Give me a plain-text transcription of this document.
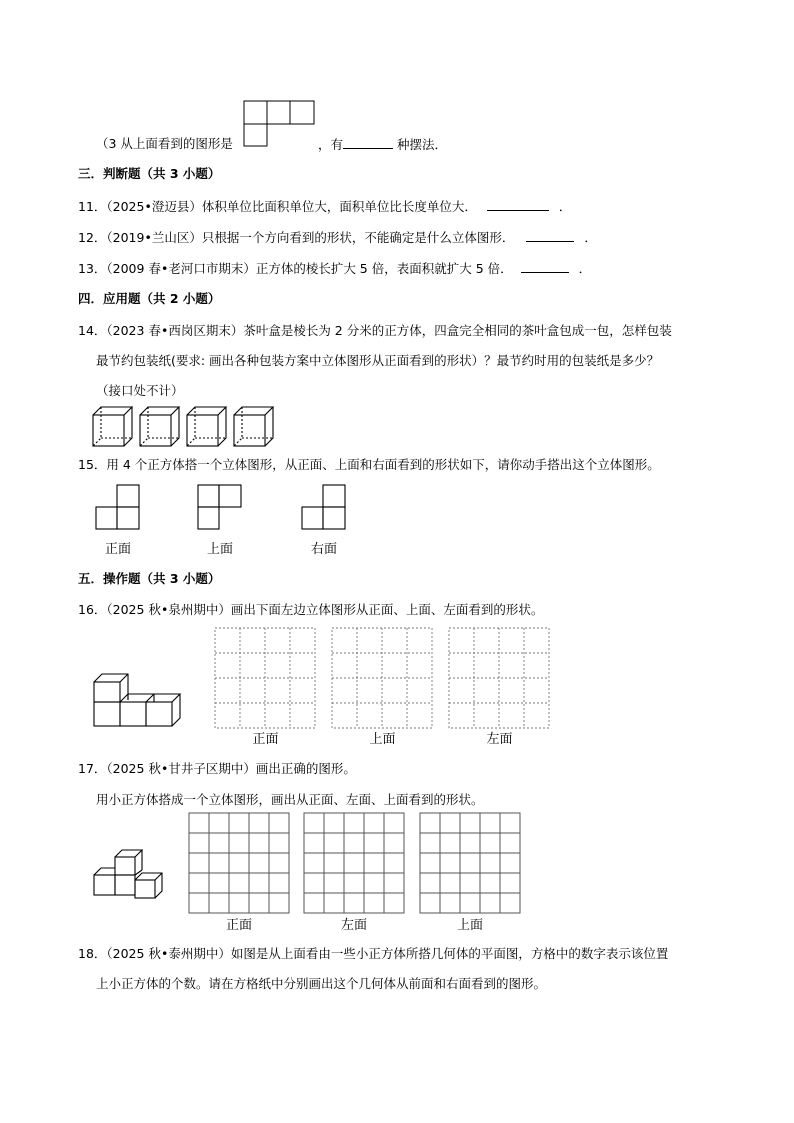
（3 从上面看到的图形是	，有	种摆法．
三．判断题（共 3 小题）
11．（2025•澄迈县）体积单位比面积单位大，面积单位比长度单位大．	．
12．（2019•兰山区）只根据一个方向看到的形状，不能确定是什么立体图形．	．
13．（2009 春•老河口市期末）正方体的棱长扩大 5 倍，表面积就扩大 5 倍．	．
四．应用题（共 2 小题）
14．（2023 春•西岗区期末）茶叶盒是棱长为 2 分米的正方体，四盒完全相同的茶叶盒包成一包，怎样包装
最节约包装纸(要求: 画出各种包装方案中立体图形从正面看到的形状）？最节约时用的包装纸是多少？
（接口处不计）
15．用 4 个正方体搭一个立体图形，从正面、上面和右面看到的形状如下，请你动手搭出这个立体图形。
正面	上面	右面
五．操作题（共 3 小题）
16．（2025 秋•泉州期中）画出下面左边立体图形从正面、上面、左面看到的形状。
正面	上面	左面
17．（2025 秋•甘井子区期中）画出正确的图形。
用小正方体搭成一个立体图形，画出从正面、左面、上面看到的形状。
正面	左面	上面
18．（2025 秋•泰州期中）如图是从上面看由一些小正方体所搭几何体的平面图，方格中的数字表示该位置
上小正方体的个数。请在方格纸中分别画出这个几何体从前面和右面看到的图形。
